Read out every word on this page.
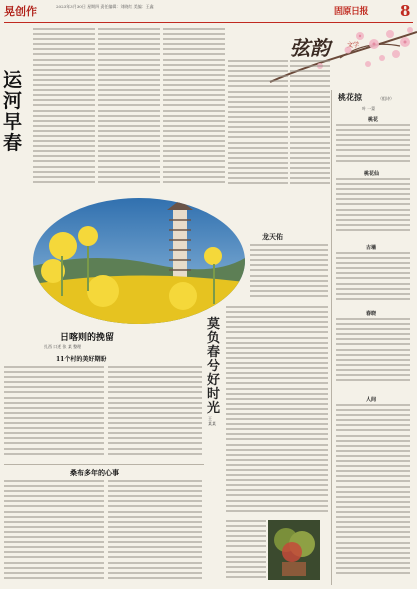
晃创作	2023年3月30日 星期四 责任编辑：刘晓红 美编：王鑫
固原日报 8
弦韵	文学
运河早春
桃花掠	（组诗）
叶 一蒙
桃花
桃花仙
古墙
春晓
人间
龙天佑
日喀则的挽留
扎西 口述 张 某 整理
11个村的美好期盼
桑布多年的心事
莫负春兮好时光
王 某某
